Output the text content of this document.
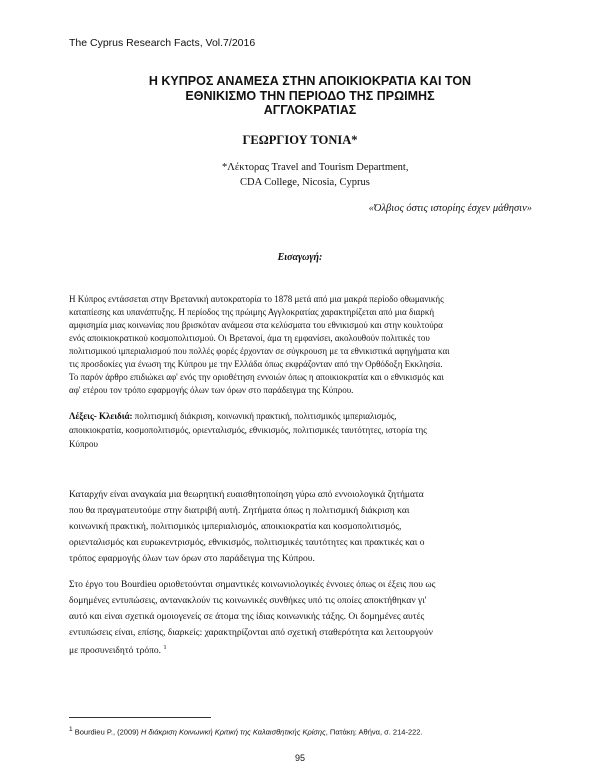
The Cyprus Research Facts, Vol.7/2016
Η ΚΥΠΡΟΣ ΑΝΑΜΕΣΑ ΣΤΗΝ ΑΠΟΙΚΙΟΚΡΑΤΙΑ ΚΑΙ ΤΟΝ
ΕΘΝΙΚΙΣΜΟ ΤΗΝ ΠΕΡΙΟΔΟ ΤΗΣ ΠΡΩΙΜΗΣ
ΑΓΓΛΟΚΡΑΤΙΑΣ
ΓΕΩΡΓΙΟΥ ΤΟΝΙΑ*
*Λέκτορας Travel and Tourism Department,
CDA College, Nicosia, Cyprus
«Όλβιος όστις ιστορίης έσχεν μάθησιν»
Εισαγωγή:
Η Κύπρος εντάσσεται στην Βρετανική αυτοκρατορία το 1878 μετά από μια μακρά περίοδο οθωμανικής
καταπίεσης και υπανάπτυξης. Η περίοδος της πρώιμης Αγγλοκρατίας χαρακτηρίζεται από μια διαρκή
αμφισημία μιας κοινωνίας που βρισκόταν ανάμεσα στα κελύσματα του εθνικισμού και στην κουλτούρα
ενός αποικιοκρατικού κοσμοπολιτισμού. Οι Βρετανοί, άμα τη εμφανίσει, ακολουθούν πολιτικές του
πολιτισμικού ιμπεριαλισμού που πολλές φορές έρχονταν σε σύγκρουση με τα εθνικιστικά αφηγήματα και
τις προσδοκίες για ένωση της Κύπρου με την Ελλάδα όπως εκφράζονταν από την Ορθόδοξη Εκκλησία.
Το παρόν άρθρο επιδιώκει αφ' ενός την οριοθέτηση εννοιών όπως η αποικιοκρατία και ο εθνικισμός και
αφ' ετέρου τον τρόπο εφαρμογής όλων των όρων στο παράδειγμα της Κύπρου.
Λέξεις- Κλειδιά: πολιτισμική διάκριση, κοινωνική πρακτική, πολιτισμικός ιμπεριαλισμός,
αποικιοκρατία, κοσμοπολιτισμός, οριενταλισμός, εθνικισμός, πολιτισμικές ταυτότητες, ιστορία της
Κύπρου
Καταρχήν είναι αναγκαία μια θεωρητική ευαισθητοποίηση γύρω από εννοιολογικά ζητήματα
που θα πραγματευτούμε στην διατριβή αυτή. Ζητήματα όπως η πολιτισμική διάκριση και
κοινωνική πρακτική, πολιτισμικός ιμπεριαλισμός, αποικιοκρατία και κοσμοπολιτισμός,
οριενταλισμός και ευρωκεντρισμός, εθνικισμός, πολιτισμικές ταυτότητες και πρακτικές και ο
τρόπος εφαρμογής όλων των όρων στο παράδειγμα της Κύπρου.
Στο έργο του Bourdieu οριοθετούνται σημαντικές κοινωνιολογικές έννοιες όπως οι έξεις που ως
δομημένες εντυπώσεις, αντανακλούν τις κοινωνικές συνθήκες υπό τις οποίες αποκτήθηκαν γι'
αυτό και είναι σχετικά ομοιογενείς σε άτομα της ίδιας κοινωνικής τάξης. Οι δομημένες αυτές
εντυπώσεις είναι, επίσης, διαρκείς: χαρακτηρίζονται από σχετική σταθερότητα και λειτουργούν
με προσυνειδητό τρόπο. $^1$
$^1$ Bourdieu P., (2009) Η διάκριση Κοινωνική Κριτική της Καλαισθητικής Κρίσης, Πατάκη: Αθήνα, σ. 214-222.
95
